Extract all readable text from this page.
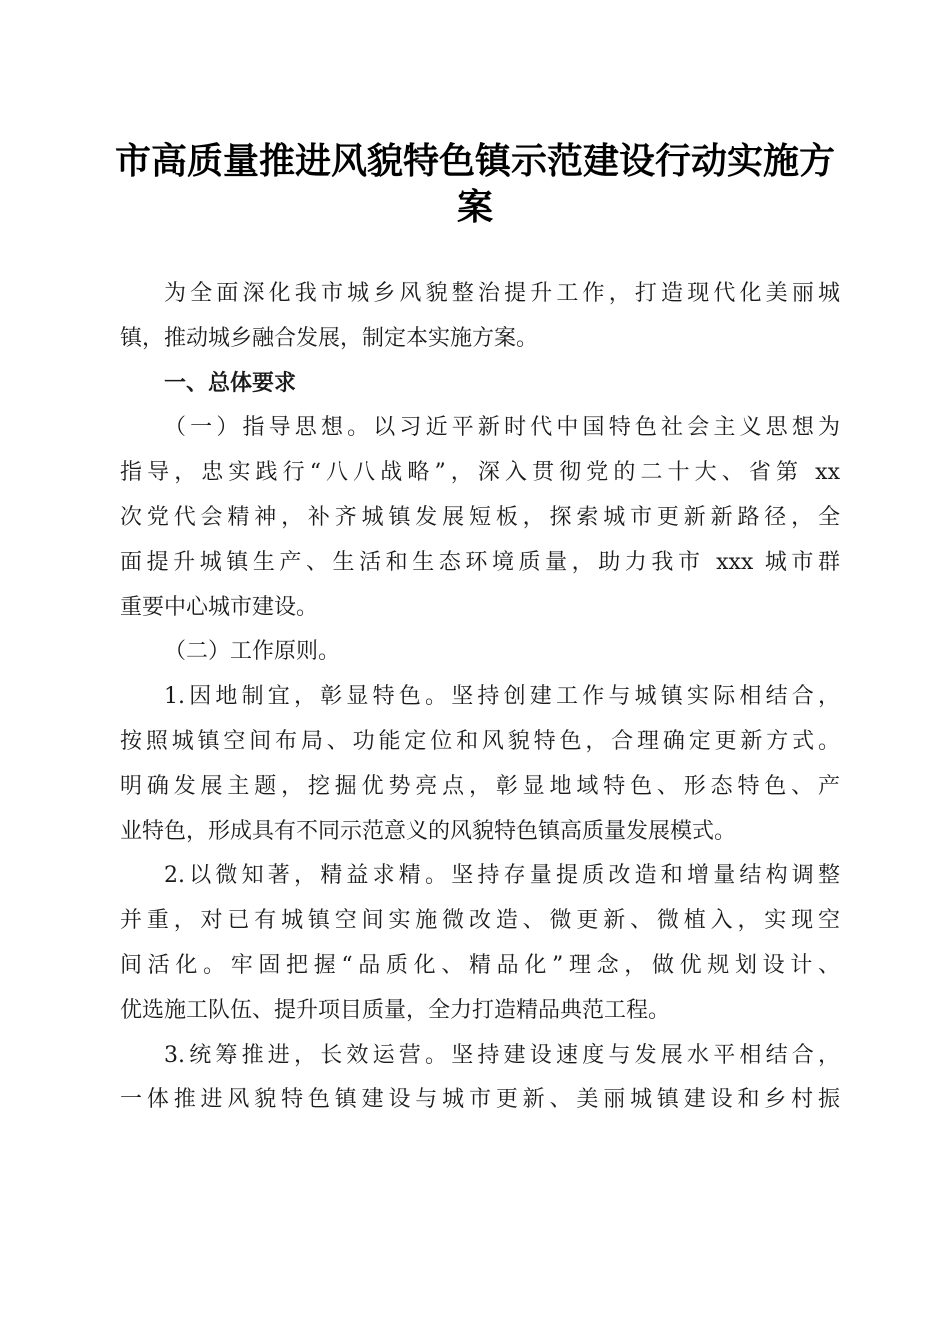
市高质量推进风貌特色镇示范建设行动实施方
案
为全面深化我市城乡风貌整治提升工作，打造现代化美丽城
镇，推动城乡融合发展，制定本实施方案。
一、总体要求
（一）指导思想。以习近平新时代中国特色社会主义思想为
指导，忠实践行“八八战略”，深入贯彻党的二十大、省第 xx
次党代会精神，补齐城镇发展短板，探索城市更新新路径，全
面提升城镇生产、生活和生态环境质量，助力我市 xxx 城市群
重要中心城市建设。
（二）工作原则。
1.因地制宜，彰显特色。坚持创建工作与城镇实际相结合，
按照城镇空间布局、功能定位和风貌特色，合理确定更新方式。
明确发展主题，挖掘优势亮点，彰显地域特色、形态特色、产
业特色，形成具有不同示范意义的风貌特色镇高质量发展模式。
2.以微知著，精益求精。坚持存量提质改造和增量结构调整
并重，对已有城镇空间实施微改造、微更新、微植入，实现空
间活化。牢固把握“品质化、精品化”理念，做优规划设计、
优选施工队伍、提升项目质量，全力打造精品典范工程。
3.统筹推进，长效运营。坚持建设速度与发展水平相结合，
一体推进风貌特色镇建设与城市更新、美丽城镇建设和乡村振
